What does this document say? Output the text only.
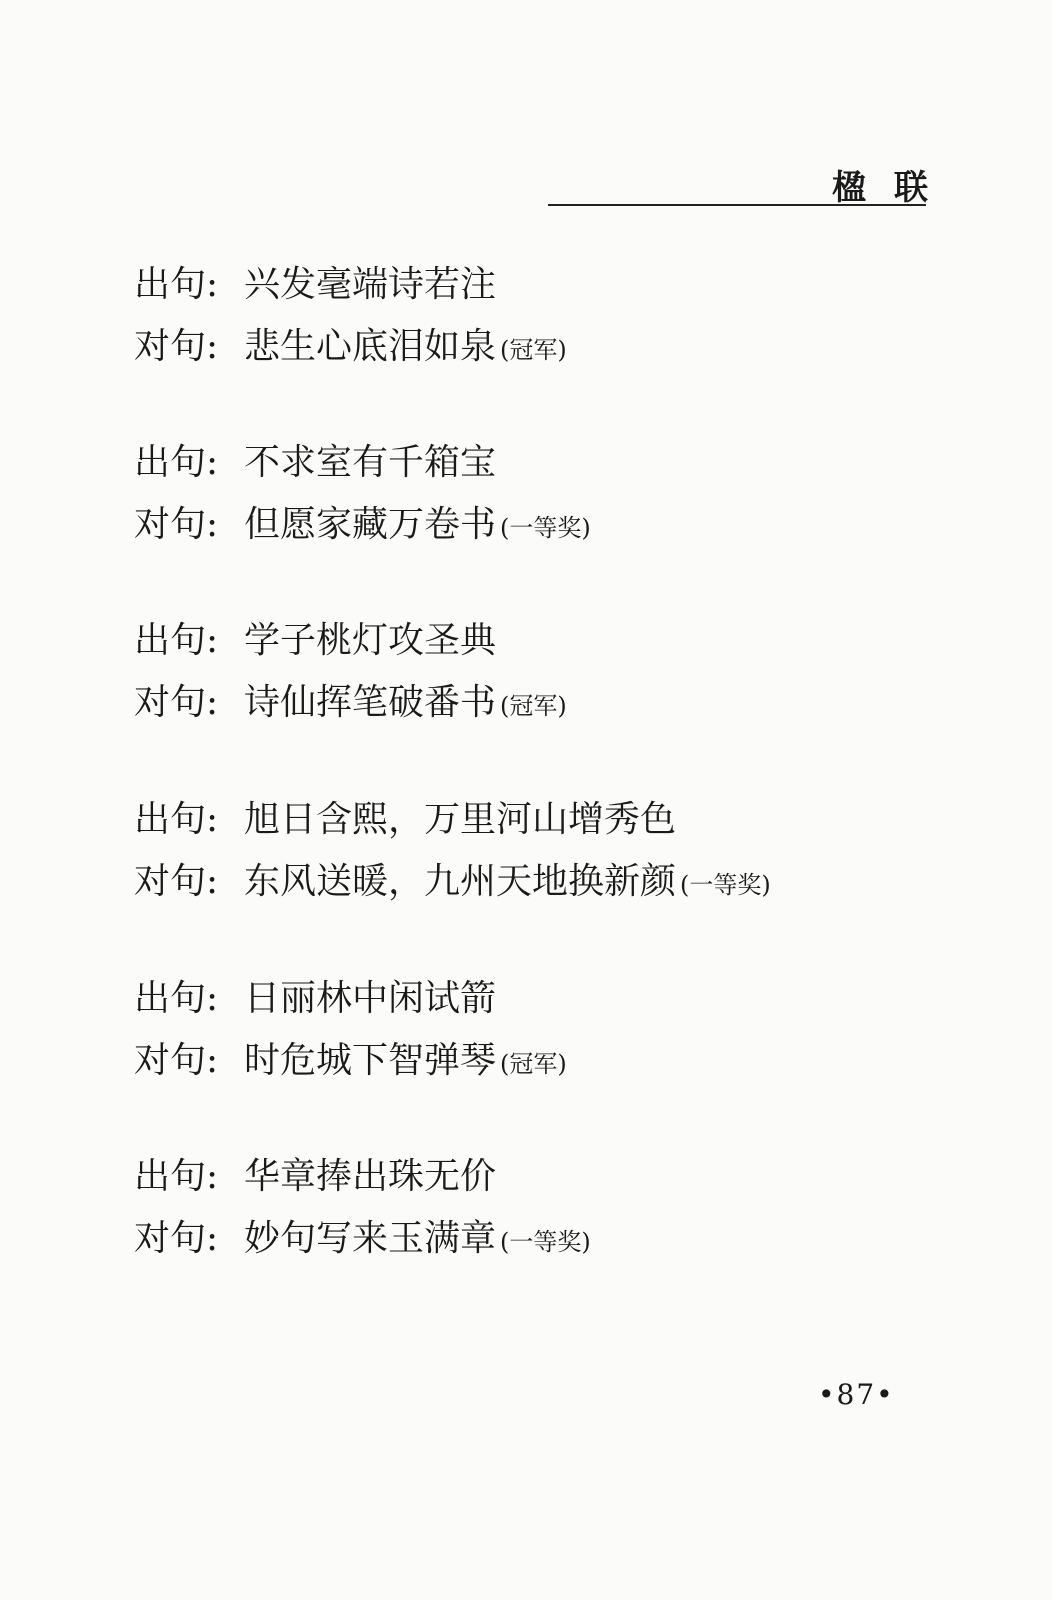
楹联
出句: 兴发毫端诗若注
对句: 悲生心底泪如泉 (冠军)
出句: 不求室有千箱宝
对句: 但愿家藏万卷书 (一等奖)
出句: 学子桃灯攻圣典
对句: 诗仙挥笔破番书 (冠军)
出句: 旭日含熙，万里河山增秀色
对句: 东风送暖，九州天地换新颜 (一等奖)
出句: 日丽林中闲试箭
对句: 时危城下智弹琴 (冠军)
出句: 华章捧出珠无价
对句: 妙句写来玉满章 (一等奖)
•87•
